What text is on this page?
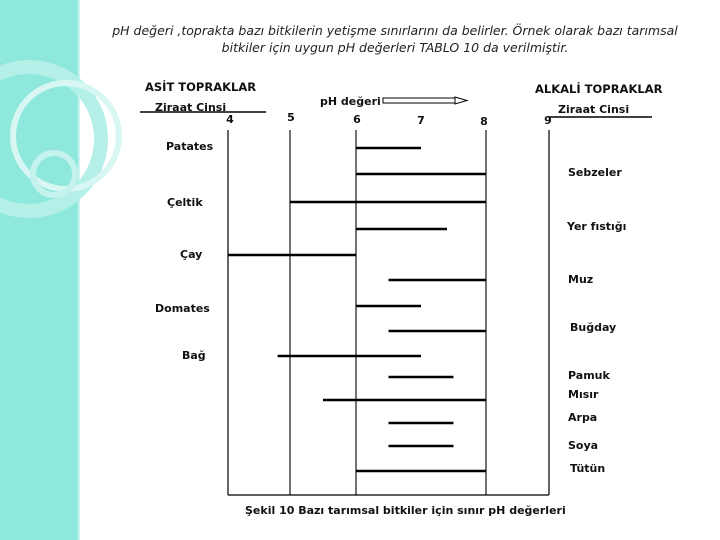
pH değeri ,toprakta bazı bitkilerin yetişme sınırlarını da belirler. Örnek olarak bazı tarımsal bitkiler için uygun pH değerleri TABLO 10 da verilmiştir.
ASİT TOPRAKLAR
Ziraat Cinsi
ALKALİ TOPRAKLAR
Ziraat Cinsi
pH değeri
4	5	6	7	8	9
Patates
Sebzeler
Çeltik
Yer fıstığı
Çay
Muz
Domates
Buğday
Bağ
Pamuk
Mısır
Arpa
Soya
Tütün
Şekil 10 Bazı tarımsal bitkiler için sınır pH değerleri
